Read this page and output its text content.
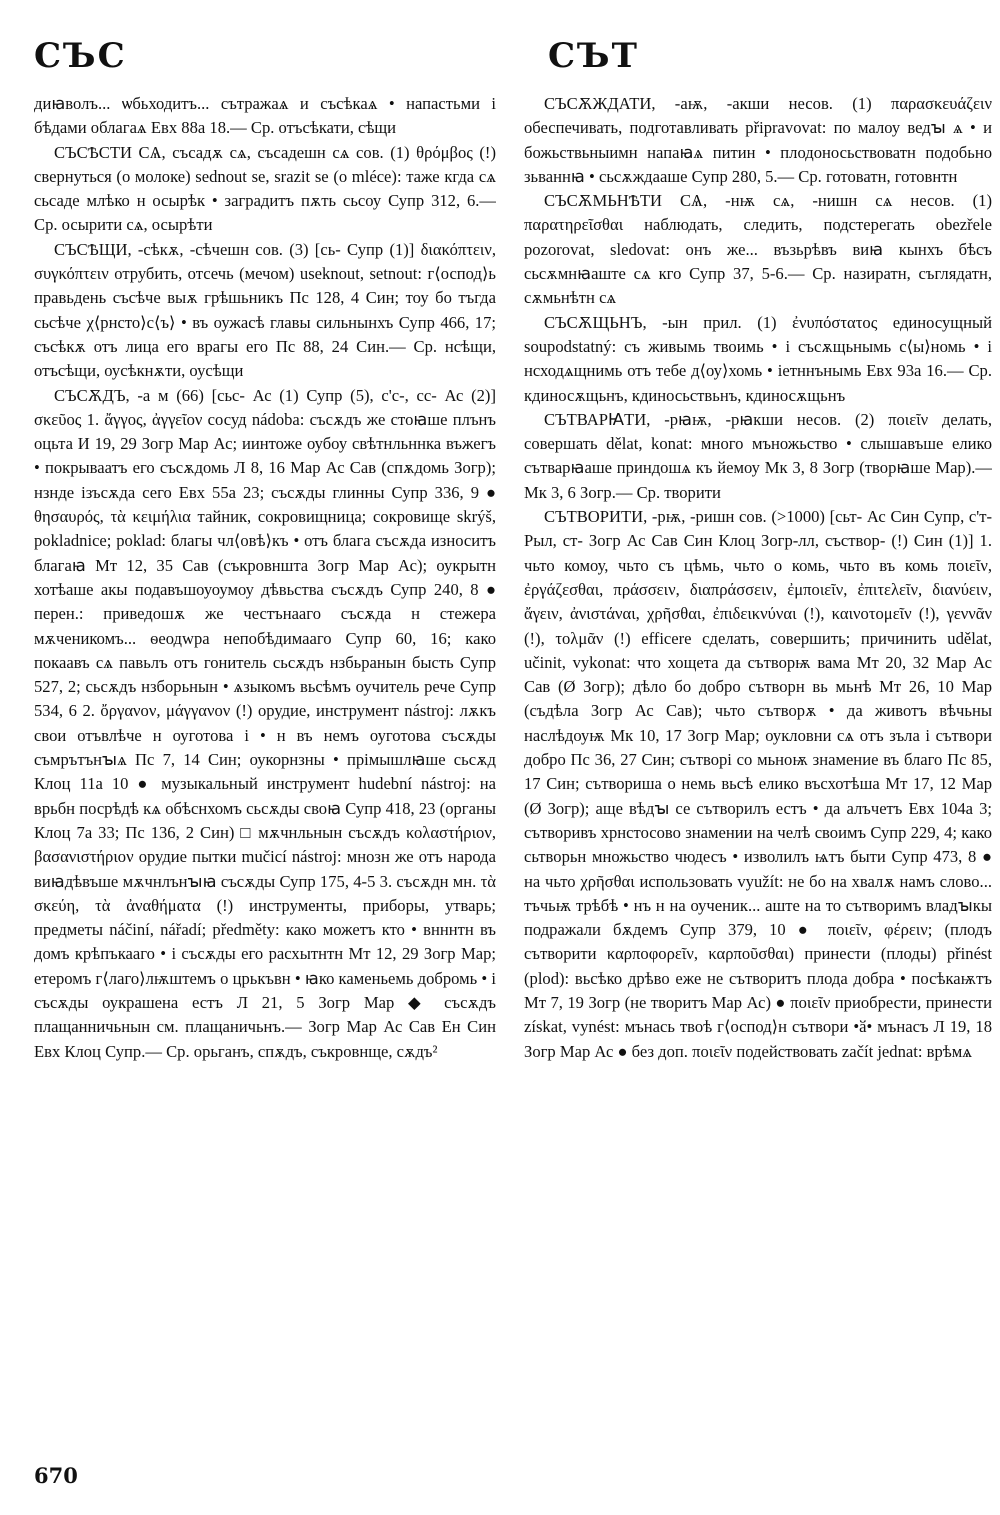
СЪС	СЪТ

диꙗволъ... ѡбьходитъ... сътражаѧ и съсѣкаѧ • напастьми і бѣдами облагаѧ Евх 88а 18.— Ср. отъсѣкати, сѣщи

СЪСѢСТИ СѦ, съсадѫ сѧ, съсадешн сѧ сов. (1) θρόμβος (!) свернуться (о молоке) sednout se, srazit se (o mléce): таже кгда сѧ сьсаде млѣко н осырѣк • заградитъ пѫть сьсоу Супр 312, 6.— Ср. осырити сѧ, осырѣти

СЪСѢЩИ, -сѣкѫ, -сѣчешн сов. (3) [сь- Супр (1)] διακόπτειν, συγκόπτειν отрубить, отсечь (мечом) useknout, setnout: г⟨оспод⟩ь правьдень съсѣче выѫ грѣшьникъ Пс 128, 4 Син; тоу бо тъгда сьсѣче χ⟨рнсто⟩с⟨ъ⟩ • въ оужасѣ главы сильнынхъ Супр 466, 17; съсѣкѫ отъ лица его врагы его Пс 88, 24 Син.— Ср. нсѣщи, отъсѣщи, оусѣкнѫти, оусѣщи

СЪСѪДЪ, -а м (66) [сьс- Ас (1) Супр (5), с'с-, сс- Ас (2)] σκεῦος 1. ἄγγος, ἀγγεῖον сосуд nádoba: съсѫдъ же стоꙗше плънъ оцьта И 19, 29 Зогр Мар Ас; иинтоже оубоу свѣтнльннка въжегъ • покрываатъ его съсѫдомь Л 8, 16 Мар Ас Сав (спѫдомь Зогр); нзнде ізъсѫда сего Евх 55а 23; съсѫды глинны Супр 336, 9 ● θησαυρός, τὰ κειμήλια тайник, сокровищница; сокровище skrýš, pokladnice; poklad: благы чл⟨овѣ⟩къ • отъ блага съсѫда износитъ благаꙗ Мт 12, 35 Сав (съкровнштa Зогр Мар Ас); оукрытн хотѣаше акы подавъшоуоумоу дѣвьства съсѫдъ Супр 240, 8 ● перен.: приведошѫ же честънааго съсѫда н стежера мѫченикомъ... ѳеодwра непобѣдимааго Супр 60, 16; како покаавъ сѧ павьлъ отъ гонитель сьсѫдъ нзбьранын бысть Супр 527, 2; сьсѫдъ нзборьнын • ѧзыкомъ вьсѣмъ оучитель рече Супр 534, 6 2. ὄργανον, μάγγανον (!) орудие, инструмент nástroj: лѫкъ свои отъвлѣче н оуготова і • н въ немъ оуготова съсѫды съмрътънꙑѧ Пс 7, 14 Син; оукорнзны • прімышлꙗше сьсѫд Клоц 11а 10 ● музыкальный инструмент hudební nástroj: на врьбн посрѣдѣ кѧ обѣснхомъ сьсѫды своꙗ Супр 418, 23 (органы Клоц 7а 33; Пс 136, 2 Син) □ мѫчнльнын съсѫдъ κολαστήριον, βασανιστήριον орудие пытки mučicí nástroj: мнозн же отъ народа виꙗдѣвъше мѫчнлънꙑꙗ съсѫды Супр 175, 4-5 3. съсѫдн мн. τὰ σκεύη, τὰ ἀναθήματα (!) инструменты, приборы, утварь; предметы náčiní, nářadí; předměty: како можетъ кто • внннтн въ домъ крѣпъкааго • і съсѫды его расхытнтн Мт 12, 29 Зогр Мар; етеромъ г⟨лаго⟩лѭштемъ о црькъвн • ꙗко каменьемь добромь • і съсѫды оукрашена естъ Л 21, 5 Зогр Мар ◆ съсѫдъ плащанничьнын см. плащаничьнъ.— Зогр Мар Ас Сав Ен Син Евх Клоц Супр.— Ср. орьганъ, спѫдъ, съкровнще, сѫдъ²

СЪСѪЖДАТИ, -аѭ, -акши несов. (1) παρασκευάζειν обеспечивать, подготавливать připravovat: по малоу ведꙑ ѧ • и божьствьныимн напаꙗѧ питин • плодоносьствоватн подобьно зьваннꙗ • сьсѫждааше Супр 280, 5.— Ср. готоватн, готовнтн

СЪСѪМЬНѢТИ СѦ, -нѭ сѧ, -нишн сѧ несов. (1) παρατηρεῖσθαι наблюдать, следить, подстерегать obezřele pozorovat, sledovat: онъ же... възьрѣвъ виꙗ кынхъ бѣсъ сьсѫмнꙗаште сѧ кго Супр 37, 5-6.— Ср. назиратн, съглядатн, сѫмьнѣтн сѧ

СЪСѪЩЬНЪ, -ын прил. (1) ἐνυπόστατος единосущный soupodstatný: съ живымь твоимь • і съсѫщьнымь с⟨ы⟩номь • і нсходѧщнимь отъ тебе д⟨оу⟩хомь • іетннънымь Евх 93а 16.— Ср. кдиносѫщьнъ, кдиносьствьнъ, кдиносѫщьнъ

СЪТВАРꙖТИ, -рꙗѭ, -рꙗкши несов. (2) ποιεῖν делать, совершать dělat, konat: много мъножьство • слышавъше елико сътварꙗаше приндошѧ къ йемоу Мк 3, 8 Зогр (творꙗше Мар).— Мк 3, 6 Зогр.— Ср. творити

СЪТВОРИТИ, -рѭ, -ришн сов. (>1000) [сьт- Ас Син Супр, с'т- Рыл, ст- Зогр Ас Сав Син Клоц Зогр-лл, съствор- (!) Син (1)] 1. чьто комоу, чьто съ цѣмь, чьто о комь, чьто въ комь ποιεῖν, ἐργάζεσθαι, πράσσειν, διαπράσσειν, ἐμποιεῖν, ἐπιτελεῖν, διανύειν, ἄγειν, ἀνιστάναι, χρῆσθαι, ἐπιδεικνύναι (!), καινοτομεῖν (!), γεννᾶν (!), τολμᾶν (!) efficere сделать, совершить; причинить udělat, učinit, vykonat: что хощета да сътворѭ вама Мт 20, 32 Мар Ас Сав (Ø Зогр); дѣло бо добро сътворн вь мьнѣ Мт 26, 10 Мар (съдѣла Зогр Ас Сав); чьто сътворѫ • да животъ вѣчьны наслѣдоуѭ Мк 10, 17 Зогр Мар; оукловни сѧ отъ зъла і сътвори добро Пс 36, 27 Син; сътворі со мьноѭ знамение въ благо Пс 85, 17 Син; сътвориша о немь вьсѣ елико въсхотѣша Мт 17, 12 Мар (Ø Зогр); аще вѣдꙑ се сътворилъ естъ • да алъчетъ Евх 104а 3; сътворивъ хрнстосово знамении на челѣ своимъ Супр 229, 4; како сьтворьн множьство чюдесъ • изволилъ ѩтъ быти Супр 473, 8 ● на чьто χρῆσθαι использовать využít: не бо на хвалѫ намъ слово... тъчьѭ трѣбѣ • нъ н на оученик... аште на то сътворимъ владꙑкы подражали бѫдемъ Супр 379, 10 ● ποιεῖν, φέρειν; (плодъ сътворити καρποφορεῖν, καρποῦσθαι) принести (плоды) přinést (plod): вьсѣко дрѣво еже не сътворитъ плода добра • посѣкаѭтъ Мт 7, 19 Зогр (не творитъ Мар Ас) ● ποιεῖν приобрести, принести získat, vynést: мънась твоѣ г⟨оспод⟩н сътвори •ӑ• мънасъ Л 19, 18 Зогр Мар Ас ● без доп. ποιεῖν подействовать začít jednat: врѣмѧ

670
